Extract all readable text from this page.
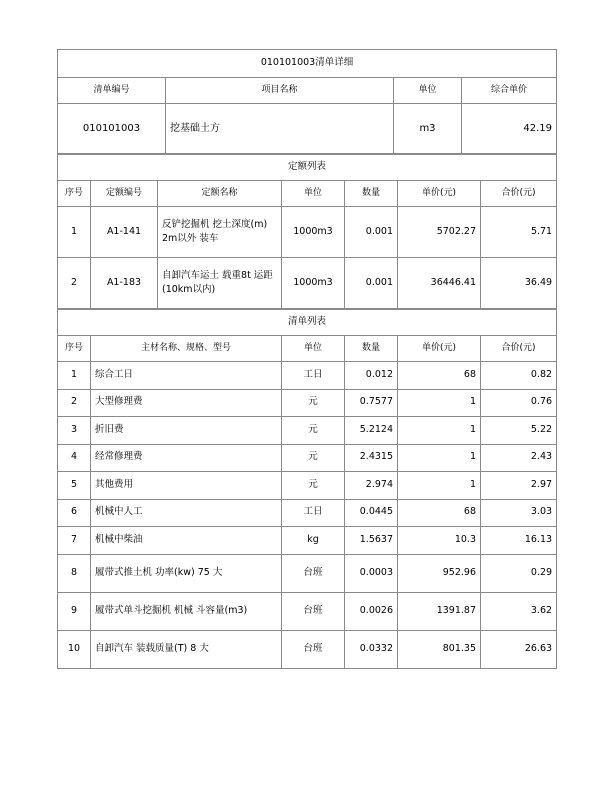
010101003清单详细			
清单编号	项目名称	单位	综合单价
010101003	挖基础土方	m3	42.19
定额列表						
序号	定额编号	定额名称	单位	数量	单价(元)	合价(元)
1	A1-141	反铲挖掘机 挖土深度(m) 2m以外 装车	1000m3	0.001	5702.27	5.71
2	A1-183	自卸汽车运土 载重8t 运距(10km以内)	1000m3	0.001	36446.41	36.49
清单列表					
序号	主材名称、规格、型号	单位	数量	单价(元)	合价(元)
1	综合工日	工日	0.012	68	0.82
2	大型修理费	元	0.7577	1	0.76
3	折旧费	元	5.2124	1	5.22
4	经常修理费	元	2.4315	1	2.43
5	其他费用	元	2.974	1	2.97
6	机械中人工	工日	0.0445	68	3.03
7	机械中柴油	kg	1.5637	10.3	16.13
8	履带式推土机 功率(kw) 75 大	台班	0.0003	952.96	0.29
9	履带式单斗挖掘机 机械 斗容量(m3)	台班	0.0026	1391.87	3.62
10	自卸汽车 装载质量(T) 8 大	台班	0.0332	801.35	26.63
